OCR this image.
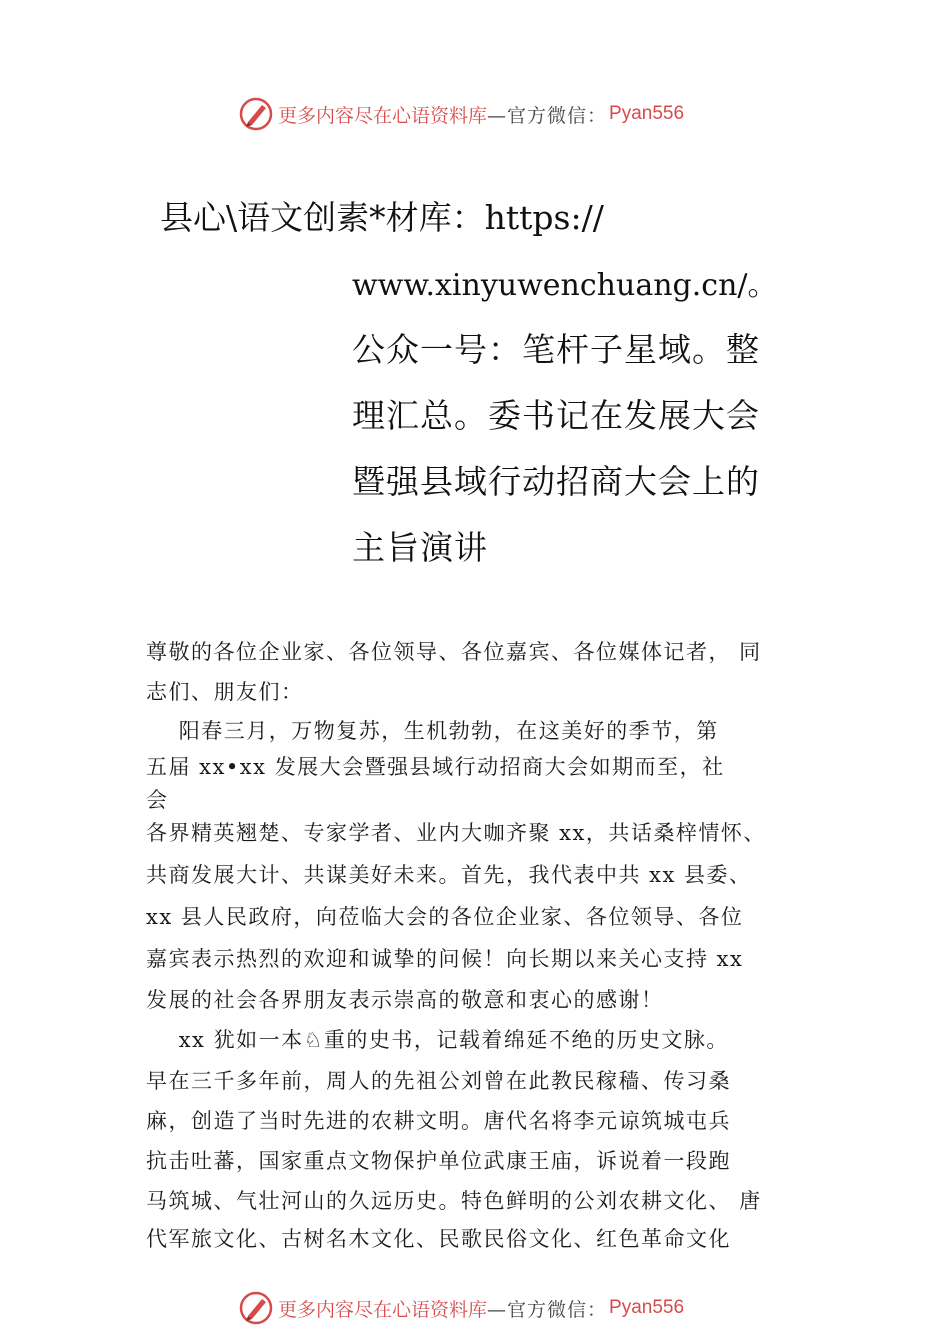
更多内容尽在心语资料库 —官方微信： Pyan556
县心\语文创素*材库：https://
www.xinyuwenchuang.cn/。
公众一号：笔杆子星域。整
理汇总。委书记在发展大会
暨强县域行动招商大会上的
主旨演讲
尊敬的各位企业家、各位领导、各位嘉宾、各位媒体记者， 同
志们、朋友们：
阳春三月，万物复苏，生机勃勃，在这美好的季节，第
五届 xx•xx 发展大会暨强县域行动招商大会如期而至，社
会
各界精英翘楚、专家学者、业内大咖齐聚 xx，共话桑梓情怀、
共商发展大计、共谋美好未来。首先，我代表中共 xx 县委、
xx 县人民政府，向莅临大会的各位企业家、各位领导、各位
嘉宾表示热烈的欢迎和诚挚的问候！向长期以来关心支持 xx
发展的社会各界朋友表示崇高的敬意和衷心的感谢！
xx 犹如一本♘重的史书，记载着绵延不绝的历史文脉。
早在三千多年前，周人的先祖公刘曾在此教民稼穑、传习桑
麻，创造了当时先进的农耕文明。唐代名将李元谅筑城屯兵
抗击吐蕃，国家重点文物保护单位武康王庙，诉说着一段跑
马筑城、气壮河山的久远历史。特色鲜明的公刘农耕文化、 唐
代军旅文化、古树名木文化、民歌民俗文化、红色革命文化
更多内容尽在心语资料库 —官方微信： Pyan556
